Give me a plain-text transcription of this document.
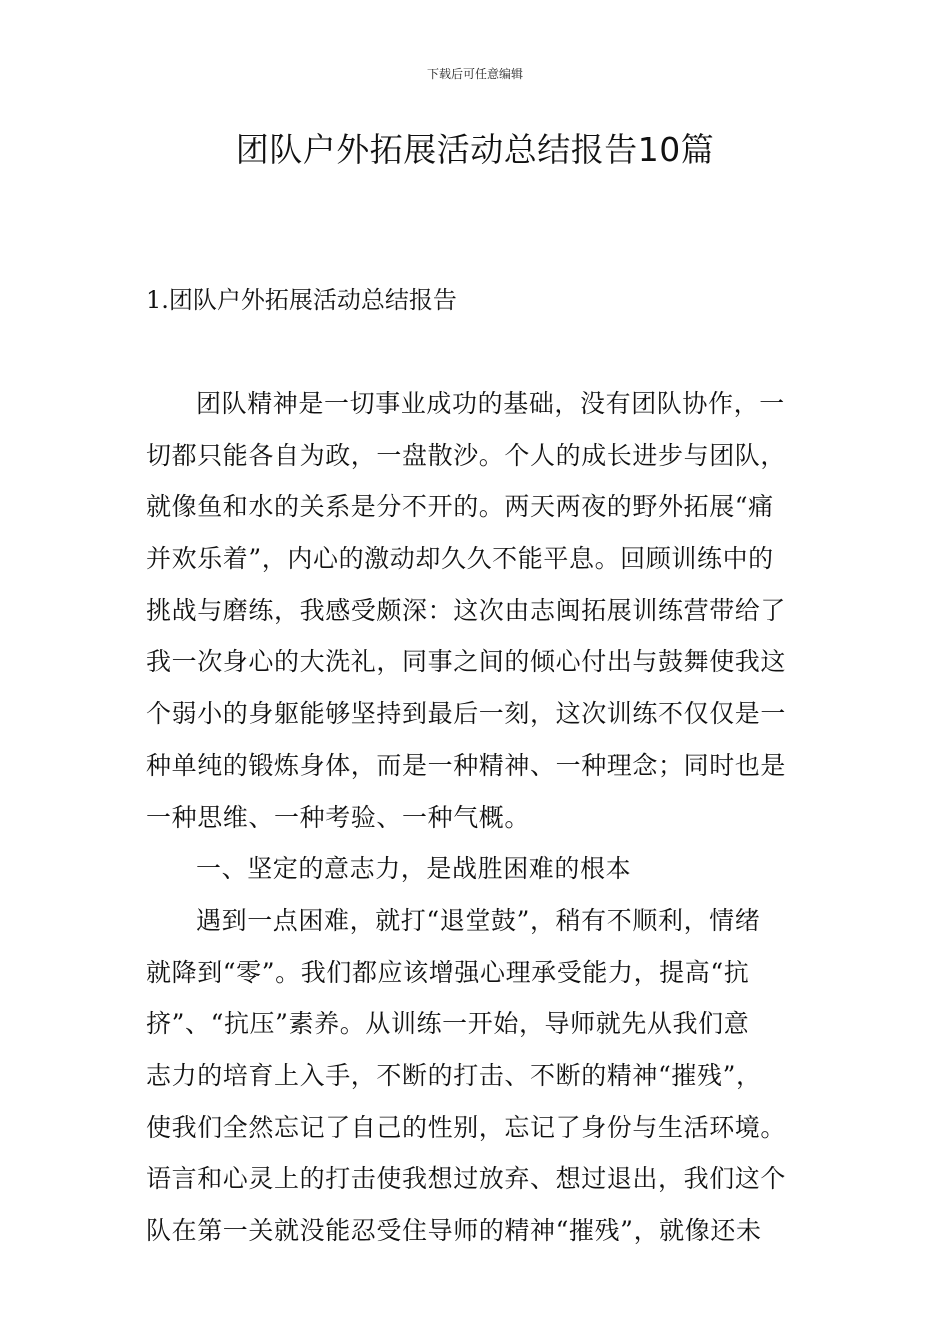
下载后可任意编辑
团队户外拓展活动总结报告10篇
1.团队户外拓展活动总结报告
团队精神是一切事业成功的基础，没有团队协作，一
切都只能各自为政，一盘散沙。个人的成长进步与团队，
就像鱼和水的关系是分不开的。两天两夜的野外拓展“痛
并欢乐着”，内心的激动却久久不能平息。回顾训练中的
挑战与磨练，我感受颇深：这次由志闽拓展训练营带给了
我一次身心的大洗礼，同事之间的倾心付出与鼓舞使我这
个弱小的身躯能够坚持到最后一刻，这次训练不仅仅是一
种单纯的锻炼身体，而是一种精神、一种理念；同时也是
一种思维、一种考验、一种气概。
一、坚定的意志力，是战胜困难的根本
遇到一点困难，就打“退堂鼓”，稍有不顺利，情绪
就降到“零”。我们都应该增强心理承受能力，提高“抗
挤”、“抗压”素养。从训练一开始，导师就先从我们意
志力的培育上入手，不断的打击、不断的精神“摧残”，
使我们全然忘记了自己的性别，忘记了身份与生活环境。
语言和心灵上的打击使我想过放弃、想过退出，我们这个
队在第一关就没能忍受住导师的精神“摧残”，就像还未
